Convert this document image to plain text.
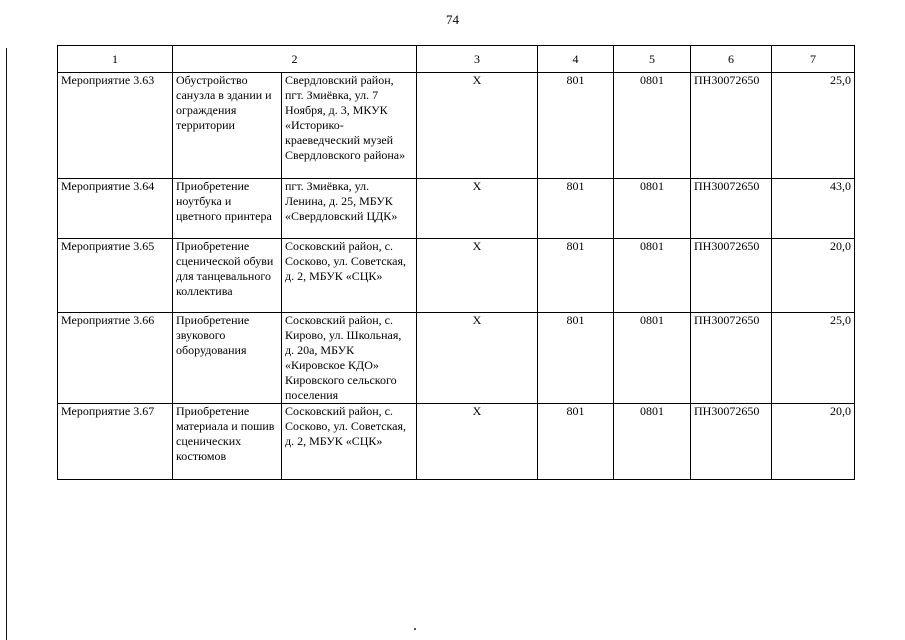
74
1	2		3	4	5	6	7
Мероприятие 3.63	Обустройство санузла в здании и ограждения территории	Свердловский район, пгт. Змиёвка, ул. 7 Ноября, д. 3, МКУК «Историко-краеведческий музей Свердловского района»	Х	801	0801	ПН30072650	25,0
Мероприятие 3.64	Приобретение ноутбука и цветного принтера	пгт. Змиёвка, ул. Ленина, д. 25, МБУК «Свердловский ЦДК»	Х	801	0801	ПН30072650	43,0
Мероприятие 3.65	Приобретение сценической обуви для танцевального коллектива	Сосковский район, с. Сосково, ул. Советская, д. 2, МБУК «СЦК»	Х	801	0801	ПН30072650	20,0
Мероприятие 3.66	Приобретение звукового оборудования	Сосковский район, с. Кирово, ул. Школьная, д. 20а, МБУК «Кировское КДО» Кировского сельского поселения	Х	801	0801	ПН30072650	25,0
Мероприятие 3.67	Приобретение материала и пошив сценических костюмов	Сосковский район, с. Сосково, ул. Советская, д. 2, МБУК «СЦК»	Х	801	0801	ПН30072650	20,0
